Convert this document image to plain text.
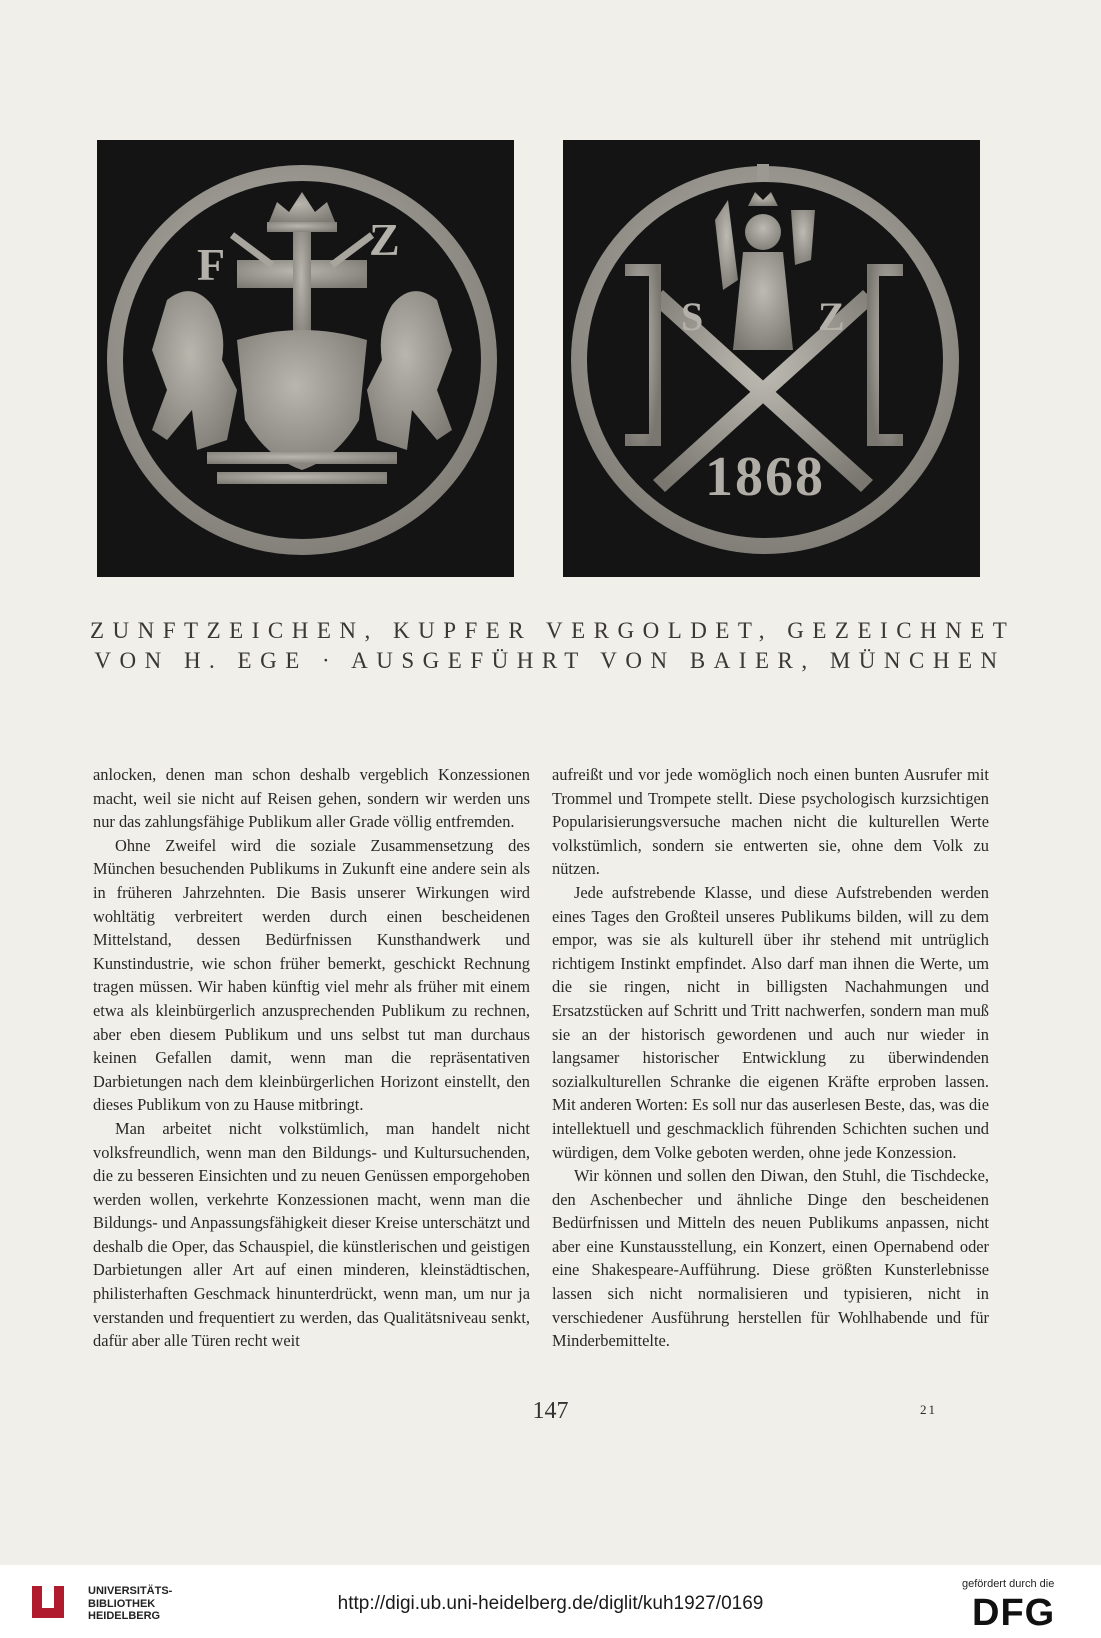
F	Z
S	Z
1868
ZUNFTZEICHEN, KUPFER VERGOLDET, GEZEICHNET
VON H. EGE · AUSGEFÜHRT VON BAIER, MÜNCHEN

anlocken, denen man schon deshalb vergeblich Konzessionen macht, weil sie nicht auf Reisen gehen, sondern wir werden uns nur das zahlungsfähige Publikum aller Grade völlig entfremden.

Ohne Zweifel wird die soziale Zusammensetzung des München besuchenden Publikums in Zukunft eine andere sein als in früheren Jahrzehnten. Die Basis unserer Wirkungen wird wohltätig verbreitert werden durch einen bescheidenen Mittelstand, dessen Bedürfnissen Kunsthandwerk und Kunstindustrie, wie schon früher bemerkt, geschickt Rechnung tragen müssen. Wir haben künftig viel mehr als früher mit einem etwa als kleinbürgerlich anzusprechenden Publikum zu rechnen, aber eben diesem Publikum und uns selbst tut man durchaus keinen Gefallen damit, wenn man die repräsentativen Darbietungen nach dem kleinbürgerlichen Horizont einstellt, den dieses Publikum von zu Hause mitbringt.

Man arbeitet nicht volkstümlich, man handelt nicht volksfreundlich, wenn man den Bildungs- und Kultursuchenden, die zu besseren Einsichten und zu neuen Genüssen emporgehoben werden wollen, verkehrte Konzessionen macht, wenn man die Bildungs- und Anpassungsfähigkeit dieser Kreise unterschätzt und deshalb die Oper, das Schauspiel, die künstlerischen und geistigen Darbietungen aller Art auf einen minderen, kleinstädtischen, philisterhaften Geschmack hinunterdrückt, wenn man, um nur ja verstanden und frequentiert zu werden, das Qualitätsniveau senkt, dafür aber alle Türen recht weit

aufreißt und vor jede womöglich noch einen bunten Ausrufer mit Trommel und Trompete stellt. Diese psychologisch kurzsichtigen Popularisierungsversuche machen nicht die kulturellen Werte volkstümlich, sondern sie entwerten sie, ohne dem Volk zu nützen.

Jede aufstrebende Klasse, und diese Aufstrebenden werden eines Tages den Großteil unseres Publikums bilden, will zu dem empor, was sie als kulturell über ihr stehend mit untrüglich richtigem Instinkt empfindet. Also darf man ihnen die Werte, um die sie ringen, nicht in billigsten Nachahmungen und Ersatzstücken auf Schritt und Tritt nachwerfen, sondern man muß sie an der historisch gewordenen und auch nur wieder in langsamer historischer Entwicklung zu überwindenden sozialkulturellen Schranke die eigenen Kräfte erproben lassen. Mit anderen Worten: Es soll nur das auserlesen Beste, das, was die intellektuell und geschmacklich führenden Schichten suchen und würdigen, dem Volke geboten werden, ohne jede Konzession.

Wir können und sollen den Diwan, den Stuhl, die Tischdecke, den Aschenbecher und ähnliche Dinge den bescheidenen Bedürfnissen und Mitteln des neuen Publikums anpassen, nicht aber eine Kunstausstellung, ein Konzert, einen Opernabend oder eine Shakespeare-Aufführung. Diese größten Kunsterlebnisse lassen sich nicht normalisieren und typisieren, nicht in verschiedener Ausführung herstellen für Wohlhabende und für Minderbemittelte.

147	21
UNIVERSITÄTS-
BIBLIOTHEK
HEIDELBERG
http://digi.ub.uni-heidelberg.de/diglit/kuh1927/0169
gefördert durch die
DFG
